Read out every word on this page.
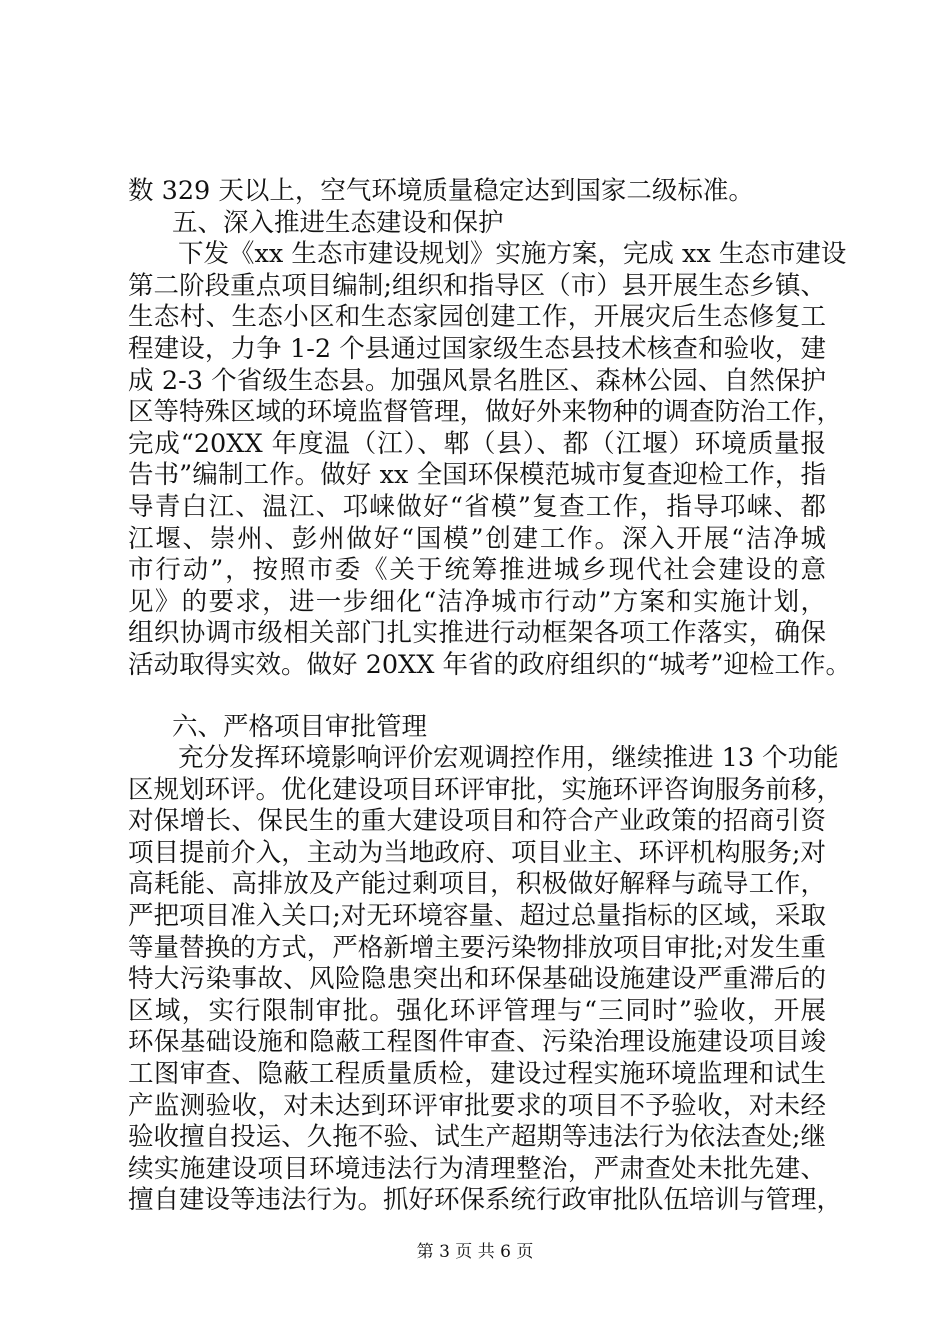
数 329 天以上，空气环境质量稳定达到国家二级标准。
五、深入推进生态建设和保护
下发《xx 生态市建设规划》实施方案，完成 xx 生态市建设
第二阶段重点项目编制;组织和指导区（市）县开展生态乡镇、
生态村、生态小区和生态家园创建工作，开展灾后生态修复工
程建设，力争 1-2 个县通过国家级生态县技术核查和验收，建
成 2-3 个省级生态县。加强风景名胜区、森林公园、自然保护
区等特殊区域的环境监督管理，做好外来物种的调查防治工作，
完成“20XX 年度温（江）、郫（县）、都（江堰）环境质量报
告书”编制工作。做好 xx 全国环保模范城市复查迎检工作，指
导青白江、温江、邛崃做好“省模”复查工作，指导邛崃、都
江堰、崇州、彭州做好“国模”创建工作。深入开展“洁净城
市行动”，按照市委《关于统筹推进城乡现代社会建设的意
见》的要求，进一步细化“洁净城市行动”方案和实施计划，
组织协调市级相关部门扎实推进行动框架各项工作落实，确保
活动取得实效。做好 20XX 年省的政府组织的“城考”迎检工作。
六、严格项目审批管理
充分发挥环境影响评价宏观调控作用，继续推进 13 个功能
区规划环评。优化建设项目环评审批，实施环评咨询服务前移，
对保增长、保民生的重大建设项目和符合产业政策的招商引资
项目提前介入，主动为当地政府、项目业主、环评机构服务;对
高耗能、高排放及产能过剩项目，积极做好解释与疏导工作，
严把项目准入关口;对无环境容量、超过总量指标的区域，采取
等量替换的方式，严格新增主要污染物排放项目审批;对发生重
特大污染事故、风险隐患突出和环保基础设施建设严重滞后的
区域，实行限制审批。强化环评管理与“三同时”验收，开展
环保基础设施和隐蔽工程图件审查、污染治理设施建设项目竣
工图审查、隐蔽工程质量质检，建设过程实施环境监理和试生
产监测验收，对未达到环评审批要求的项目不予验收，对未经
验收擅自投运、久拖不验、试生产超期等违法行为依法查处;继
续实施建设项目环境违法行为清理整治，严肃查处未批先建、
擅自建设等违法行为。抓好环保系统行政审批队伍培训与管理，
第 3 页 共 6 页
